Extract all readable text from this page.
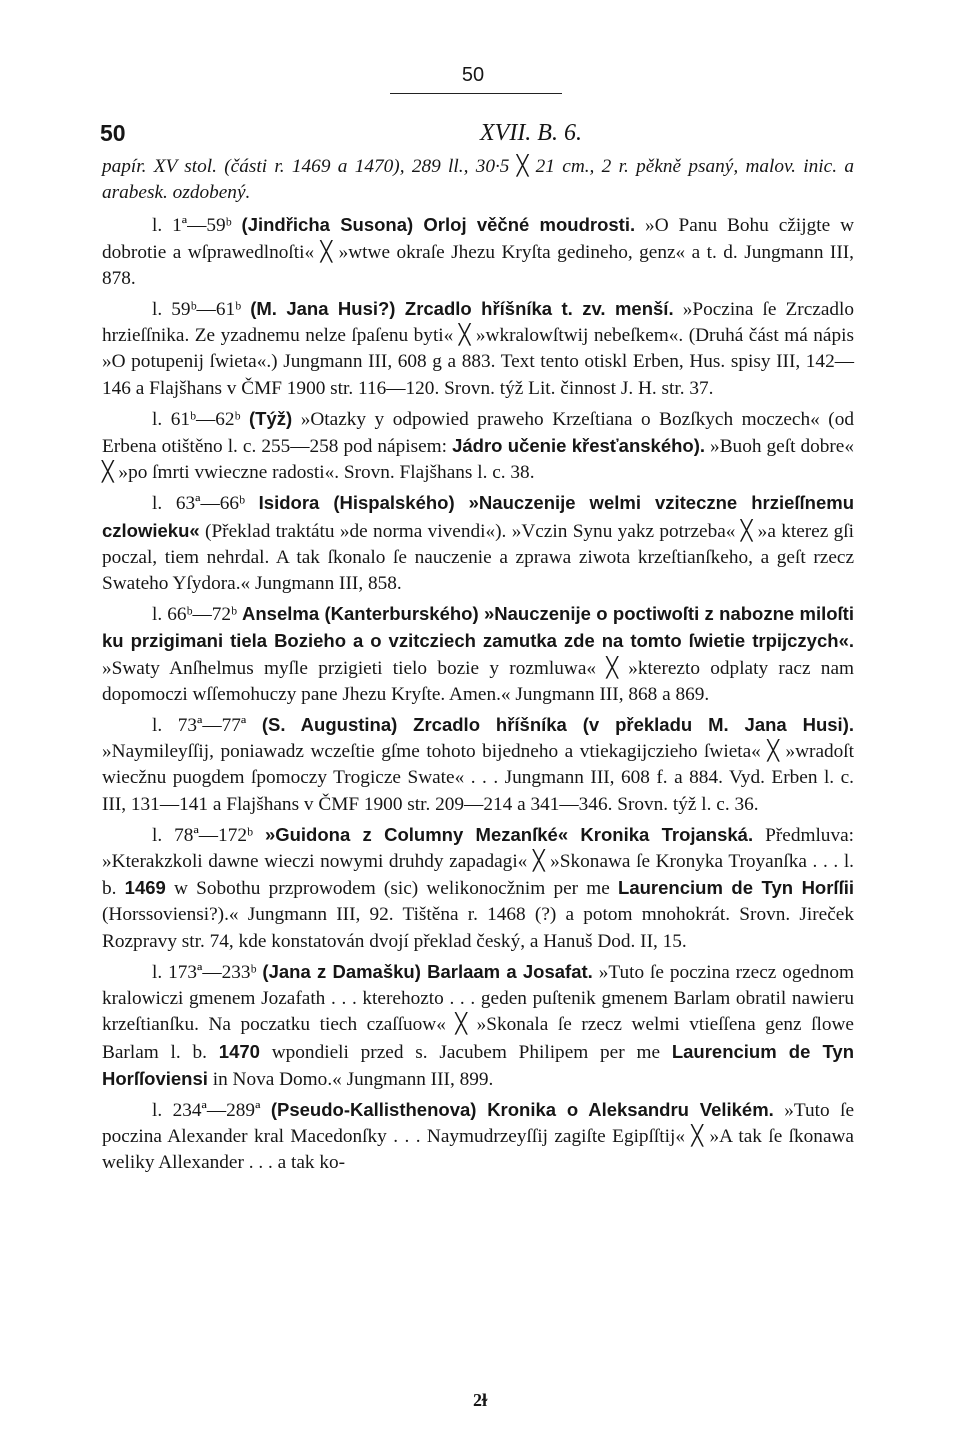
50
50	XVII. B. 6.

papír. XV stol. (části r. 1469 a 1470), 289 ll., 30·5 ╳ 21 cm., 2 r. pěkně psaný, malov. inic. a arabesk. ozdobený.

l. 1ª—59ᵇ (Jindřicha Susona) Orloj věčné moudrosti. »O Panu Bohu cžijgte w dobrotie a wſprawedlnoſti« ╳ »wtwe okraſe Jhezu Kryſta gedineho, genz« a t. d. Jungmann III, 878.

l. 59ᵇ—61ᵇ (M. Jana Husi?) Zrcadlo hříšníka t. zv. menší. »Poczina ſe Zrczadlo hrzieſſnika. Ze yzadnemu nelze ſpaſenu byti« ╳ »wkralowſtwij nebeſkem«. (Druhá část má nápis »O potupenij ſwieta«.) Jungmann III, 608 g a 883. Text tento otiskl Erben, Hus. spisy III, 142—146 a Flajšhans v ČMF 1900 str. 116—120. Srovn. týž Lit. činnost J. H. str. 37.

l. 61ᵇ—62ᵇ (Týž) »Otazky y odpowied praweho Krzeſtiana o Bozſkych moczech« (od Erbena otištěno l. c. 255—258 pod nápisem: Jádro učenie křesťanského). »Buoh geſt dobre« ╳ »po ſmrti vwieczne radosti«. Srovn. Flajšhans l. c. 38.

l. 63ª—66ᵇ Isidora (Hispalského) »Nauczenije welmi vziteczne hrzieſſnemu czlowieku« (Překlad traktátu »de norma vivendi«). »Vczin Synu yakz potrzeba« ╳ »a kterez gſi poczal, tiem nehrdal. A tak ſkonalo ſe nauczenie a zprawa ziwota krzeſtianſkeho, a geſt rzecz Swateho Yſydora.« Jungmann III, 858.

l. 66ᵇ—72ᵇ Anselma (Kanterburského) »Nauczenije o poctiwoſti z nabozne miloſti ku przigimani tiela Bozieho a o vzitcziech zamutka zde na tomto ſwietie trpijczych«. »Swaty Anſhelmus myſle przigieti tielo bozie y rozmluwa« ╳ »kterezto odplaty racz nam dopomoczi wſſemohuczy pane Jhezu Kryſte. Amen.« Jungmann III, 868 a 869.

l. 73ª—77ª (S. Augustina) Zrcadlo hříšníka (v překladu M. Jana Husi). »Naymileyſſij, poniawadz wczeſtie gſme tohoto bijedneho a vtiekagijczieho ſwieta« ╳ »wradoſt wiecžnu puogdem ſpomoczy Trogicze Swate« . . . Jungmann III, 608 f. a 884. Vyd. Erben l. c. III, 131—141 a Flajšhans v ČMF 1900 str. 209—214 a 341—346. Srovn. týž l. c. 36.

l. 78ª—172ᵇ »Guidona z Columny Mezanſké« Kronika Trojanská. Předmluva: »Kterakzkoli dawne wieczi nowymi druhdy zapadagi« ╳ »Skonawa ſe Kronyka Troyanſka . . . l. b. 1469 w Sobothu przprowodem (sic) welikonocžnim per me Laurencium de Tyn Horſſii (Horssoviensi?).« Jungmann III, 92. Tištěna r. 1468 (?) a potom mnohokrát. Srovn. Jireček Rozpravy str. 74, kde konstatován dvojí překlad český, a Hanuš Dod. II, 15.

l. 173ª—233ᵇ (Jana z Damašku) Barlaam a Josafat. »Tuto ſe poczina rzecz ogednom kralowiczi gmenem Jozafath . . . kterehozto . . . geden puſtenik gmenem Barlam obratil nawieru krzeſtianſku. Na poczatku tiech czaſſuow« ╳ »Skonala ſe rzecz welmi vtieſſena genz ſlowe Barlam l. b. 1470 wpondieli przed s. Jacubem Philipem per me Laurencium de Tyn Horſſoviensi in Nova Domo.« Jungmann III, 899.

l. 234ª—289ª (Pseudo-Kallisthenova) Kronika o Aleksandru Velikém. »Tuto ſe poczina Alexander kral Macedonſky . . . Naymudrzeyſſij zagiſte Egipſſtij« ╳ »A tak ſe ſkonawa weliky Allexander . . . a tak ko-

2ɫ
